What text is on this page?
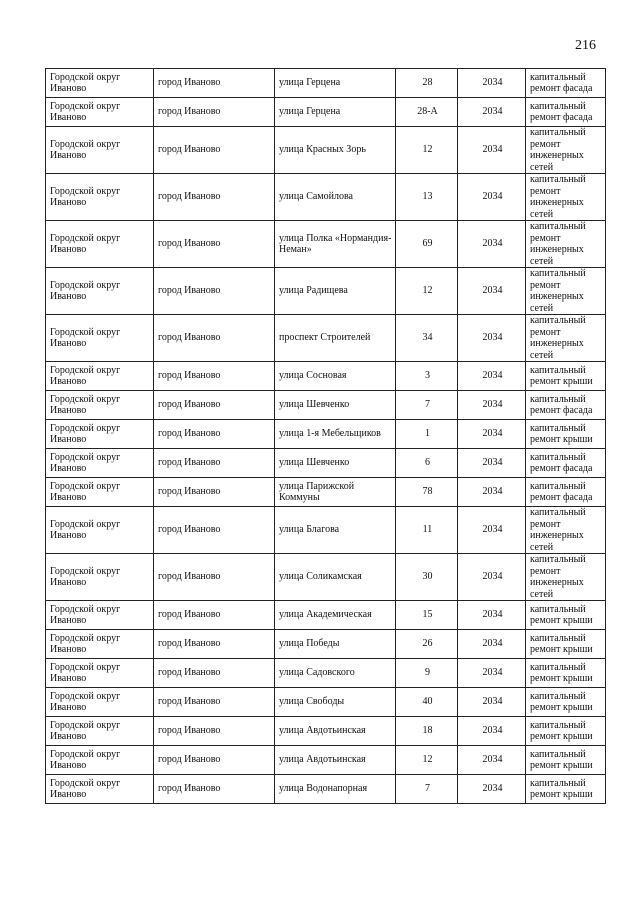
216
Городской округ Иваново	город Иваново	улица Герцена	28	2034	капитальный ремонт фасада
Городской округ Иваново	город Иваново	улица Герцена	28-А	2034	капитальный ремонт фасада
Городской округ Иваново	город Иваново	улица Красных Зорь	12	2034	капитальный ремонт инженерных сетей
Городской округ Иваново	город Иваново	улица Самойлова	13	2034	капитальный ремонт инженерных сетей
Городской округ Иваново	город Иваново	улица Полка «Нормандия-Неман»	69	2034	капитальный ремонт инженерных сетей
Городской округ Иваново	город Иваново	улица Радищева	12	2034	капитальный ремонт инженерных сетей
Городской округ Иваново	город Иваново	проспект Строителей	34	2034	капитальный ремонт инженерных сетей
Городской округ Иваново	город Иваново	улица Сосновая	3	2034	капитальный ремонт крыши
Городской округ Иваново	город Иваново	улица Шевченко	7	2034	капитальный ремонт фасада
Городской округ Иваново	город Иваново	улица 1-я Мебельщиков	1	2034	капитальный ремонт крыши
Городской округ Иваново	город Иваново	улица Шевченко	6	2034	капитальный ремонт фасада
Городской округ Иваново	город Иваново	улица Парижской Коммуны	78	2034	капитальный ремонт фасада
Городской округ Иваново	город Иваново	улица Благова	11	2034	капитальный ремонт инженерных сетей
Городской округ Иваново	город Иваново	улица Соликамская	30	2034	капитальный ремонт инженерных сетей
Городской округ Иваново	город Иваново	улица Академическая	15	2034	капитальный ремонт крыши
Городской округ Иваново	город Иваново	улица Победы	26	2034	капитальный ремонт крыши
Городской округ Иваново	город Иваново	улица Садовского	9	2034	капитальный ремонт крыши
Городской округ Иваново	город Иваново	улица Свободы	40	2034	капитальный ремонт крыши
Городской округ Иваново	город Иваново	улица Авдотьинская	18	2034	капитальный ремонт крыши
Городской округ Иваново	город Иваново	улица Авдотьинская	12	2034	капитальный ремонт крыши
Городской округ Иваново	город Иваново	улица Водонапорная	7	2034	капитальный ремонт крыши
